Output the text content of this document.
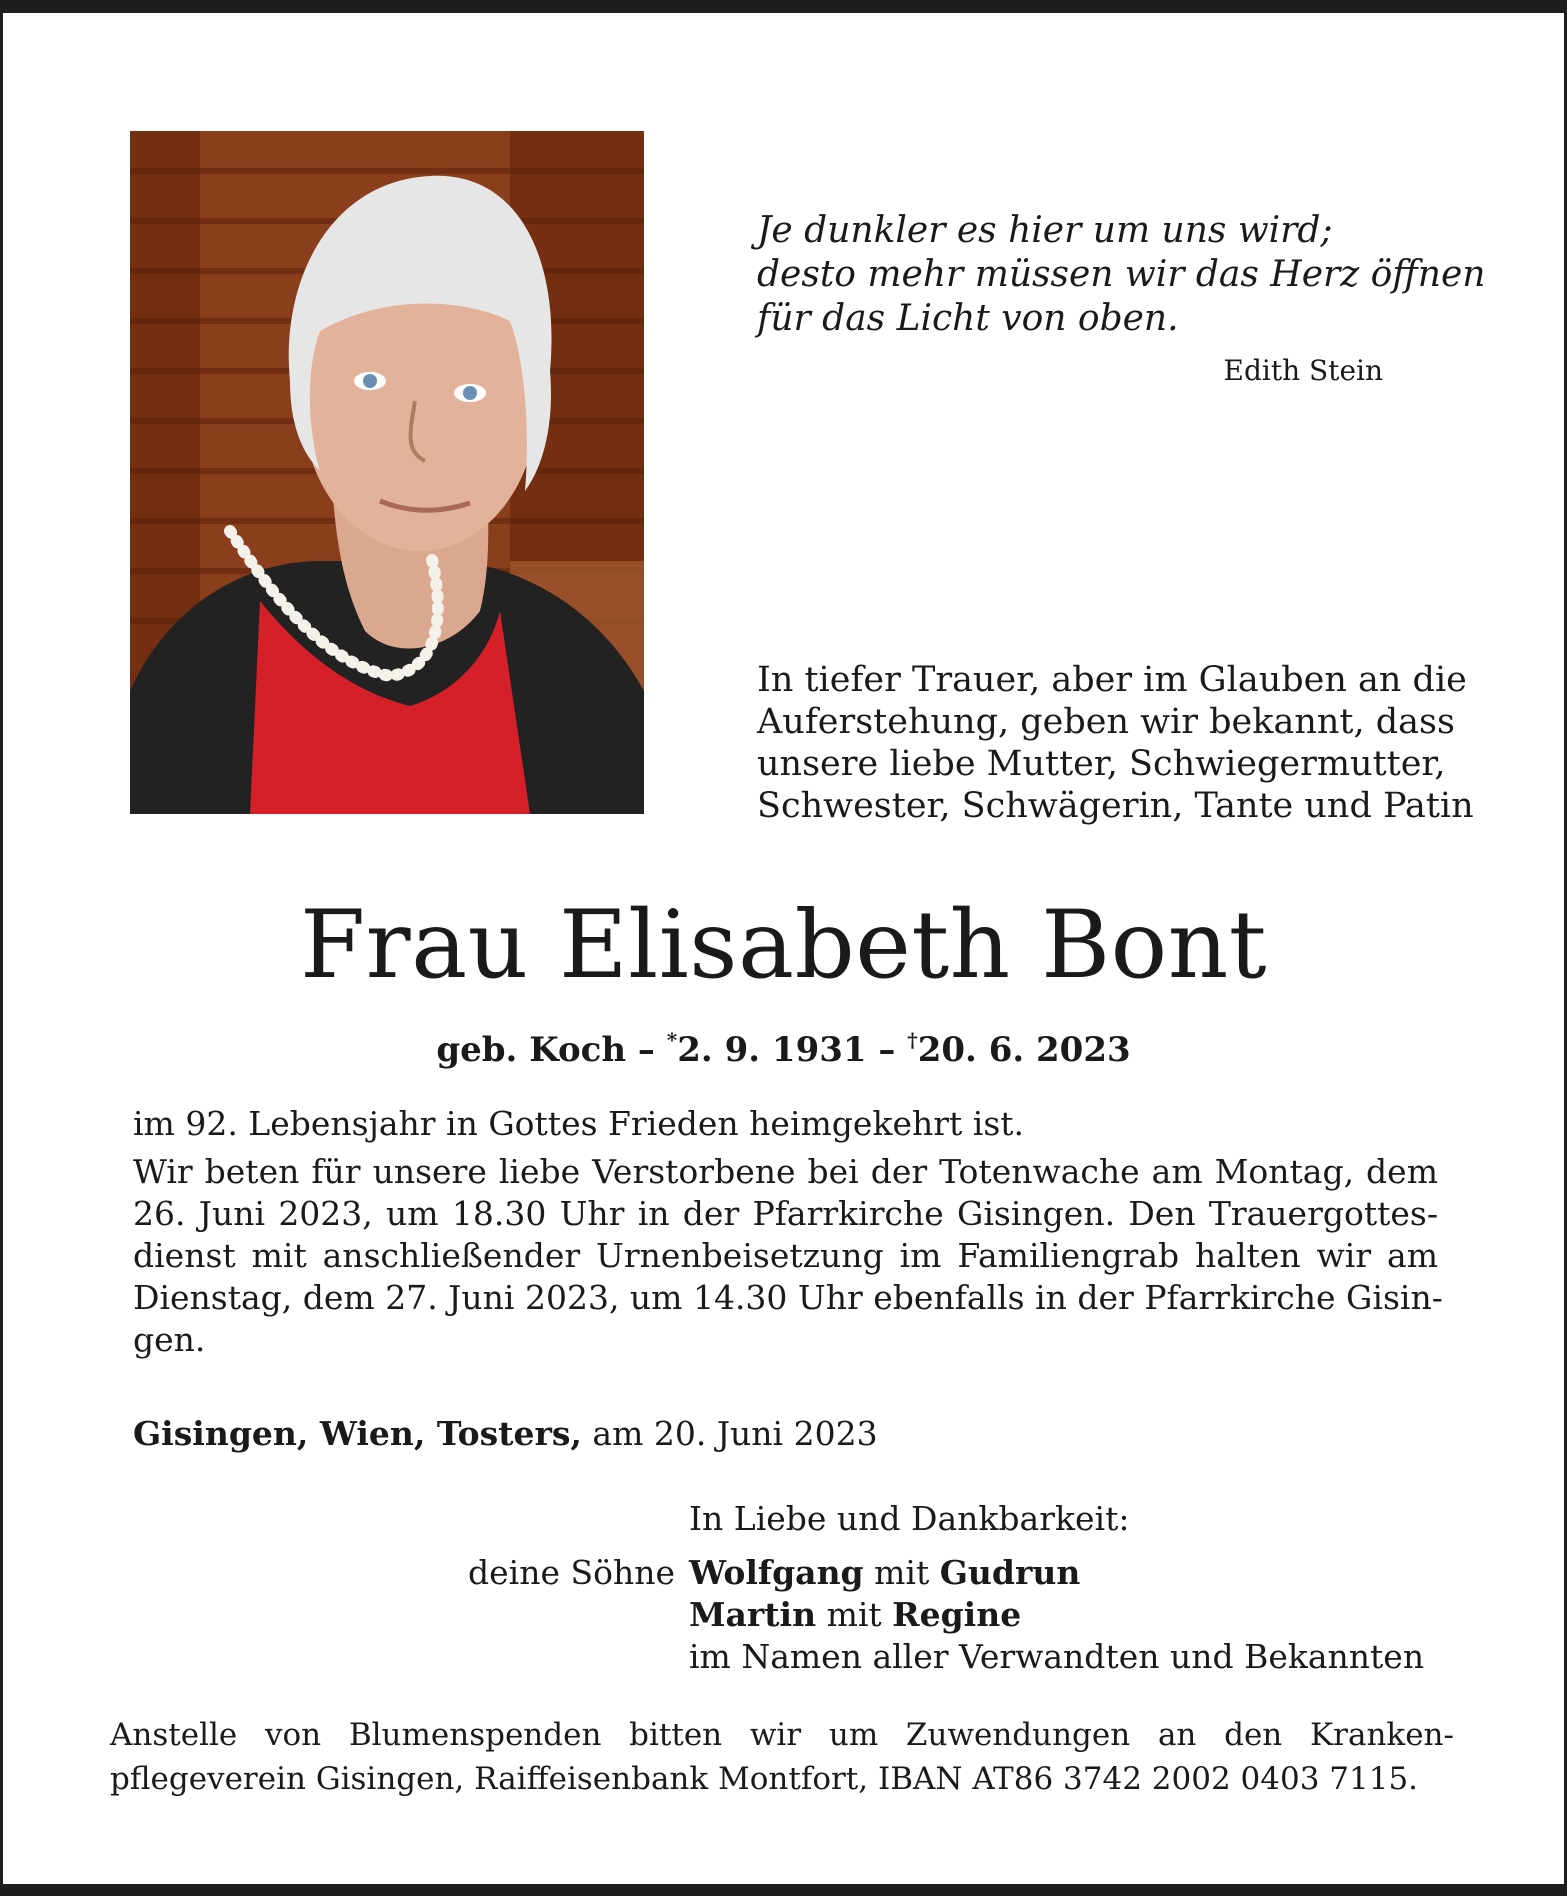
Je dunkler es hier um uns wird;
desto mehr müssen wir das Herz öffnen
für das Licht von oben.
Edith Stein
In tiefer Trauer, aber im Glauben an die
Auferstehung, geben wir bekannt, dass
unsere liebe Mutter, Schwiegermutter,
Schwester, Schwägerin, Tante und Patin
Frau Elisabeth Bont
geb. Koch – *2. 9. 1931 – †20. 6. 2023
im 92. Lebensjahr in Gottes Frieden heimgekehrt ist.
Wir beten für unsere liebe Verstorbene bei der Totenwache am Montag, dem
26. Juni 2023, um 18.30 Uhr in der Pfarrkirche Gisingen. Den Trauergottes-
dienst mit anschließender Urnenbeisetzung im Familiengrab halten wir am
Dienstag, dem 27. Juni 2023, um 14.30 Uhr ebenfalls in der Pfarrkirche Gisin-
gen.
Gisingen, Wien, Tosters, am 20. Juni 2023
In Liebe und Dankbarkeit:
deine Söhne Wolfgang mit Gudrun
Martin mit Regine
im Namen aller Verwandten und Bekannten
Anstelle von Blumenspenden bitten wir um Zuwendungen an den Kranken-
pflegeverein Gisingen, Raiffeisenbank Montfort, IBAN AT86 3742 2002 0403 7115.
